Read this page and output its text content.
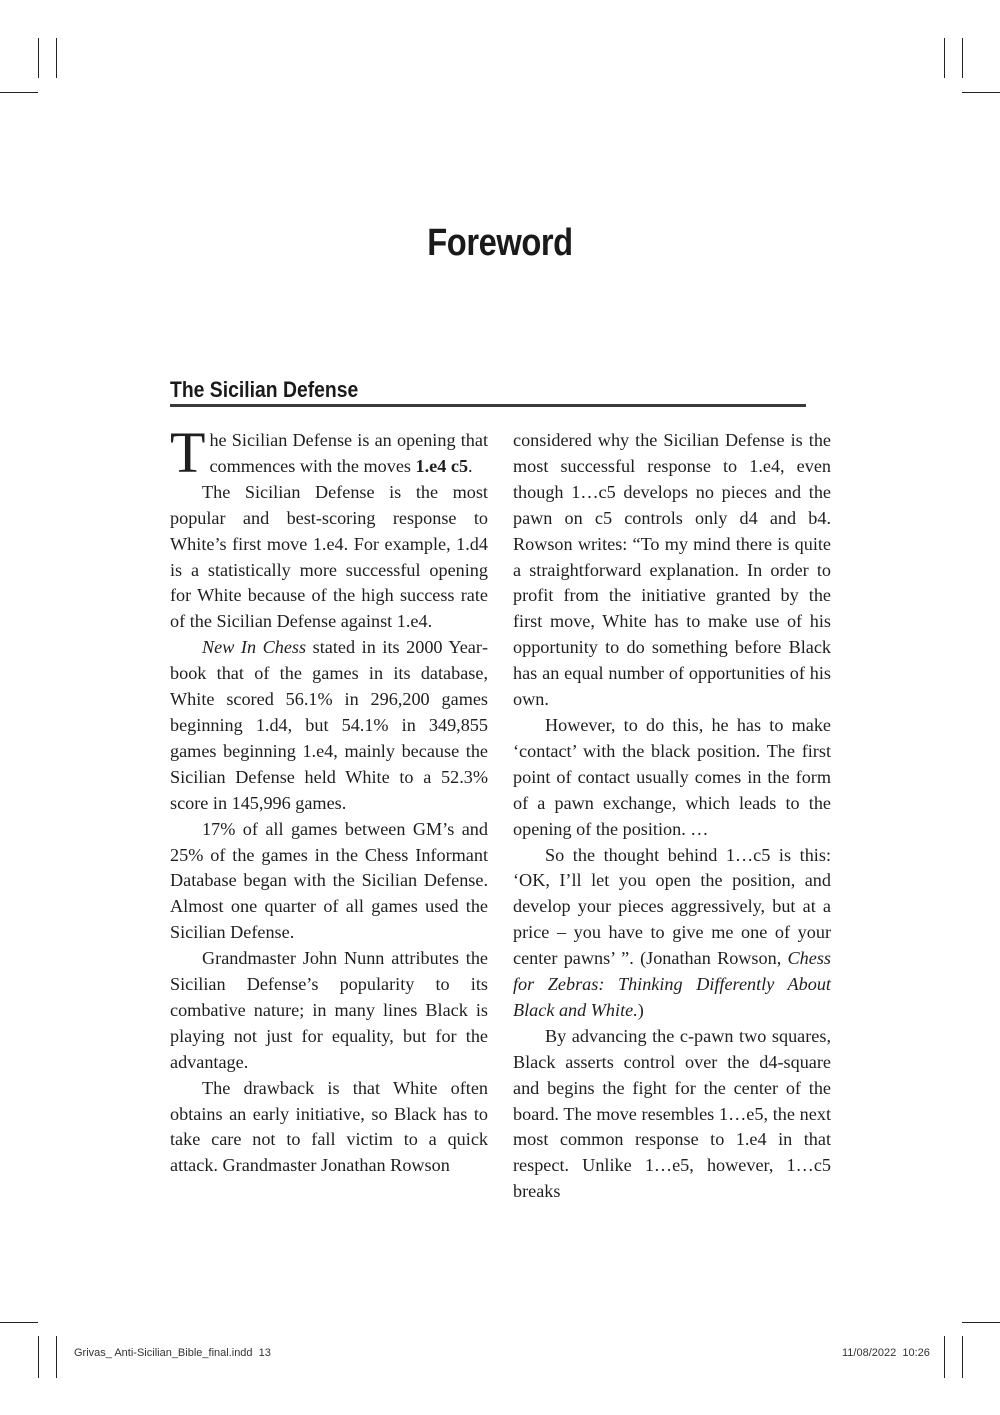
Foreword
The Sicilian Defense

The Sicilian Defense is an opening that commences with the moves 1.e4 c5.

The Sicilian Defense is the most popular and best-scoring response to White’s first move 1.e4. For example, 1.d4 is a statistically more successful opening for White because of the high success rate of the Sicilian Defense against 1.e4.

New In Chess stated in its 2000 Yearbook that of the games in its database, White scored 56.1% in 296,200 games beginning 1.d4, but 54.1% in 349,855 games beginning 1.e4, mainly because the Sicilian Defense held White to a 52.3% score in 145,996 games.

17% of all games between GM’s and 25% of the games in the Chess Informant Database began with the Sicilian Defense. Almost one quarter of all games used the Sicilian Defense.

Grandmaster John Nunn attributes the Sicilian Defense’s popularity to its combative nature; in many lines Black is playing not just for equality, but for the advantage.

The drawback is that White often obtains an early initiative, so Black has to take care not to fall victim to a quick attack. Grandmaster Jonathan Rowson

considered why the Sicilian Defense is the most successful response to 1.e4, even though 1…c5 develops no pieces and the pawn on c5 controls only d4 and b4. Rowson writes: “To my mind there is quite a straightforward explanation. In order to profit from the initiative granted by the first move, White has to make use of his opportunity to do something before Black has an equal number of opportunities of his own.

However, to do this, he has to make ‘contact’ with the black position. The first point of contact usually comes in the form of a pawn exchange, which leads to the opening of the position. …

So the thought behind 1…c5 is this: ‘OK, I’ll let you open the position, and develop your pieces aggressively, but at a price – you have to give me one of your center pawns’ ”. (Jonathan Rowson, Chess for Zebras: Thinking Differently About Black and White.)

By advancing the c-pawn two squares, Black asserts control over the d4-square and begins the fight for the center of the board. The move resembles 1…e5, the next most common response to 1.e4 in that respect. Unlike 1…e5, however, 1…c5 breaks

Grivas_ Anti-Sicilian_Bible_final.indd 13	11/08/2022 10:26
